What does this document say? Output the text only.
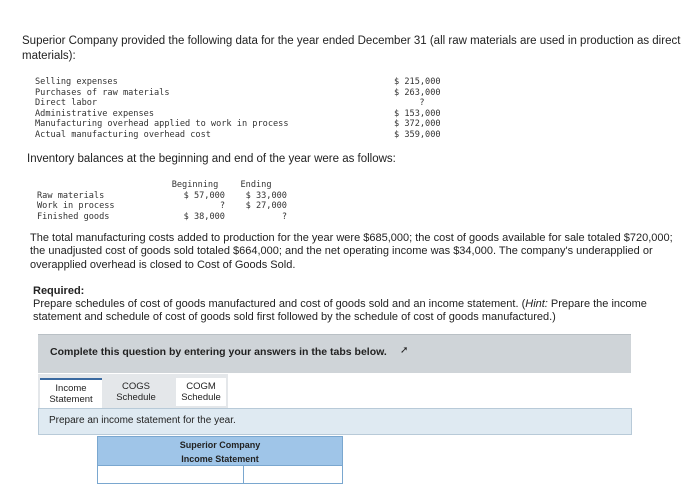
Superior Company provided the following data for the year ended December 31 (all raw materials are used in production as direct materials):
Selling expenses	$ 215,000
Purchases of raw materials	$ 263,000
Direct labor	?
Administrative expenses	$ 153,000
Manufacturing overhead applied to work in process	$ 372,000
Actual manufacturing overhead cost	$ 359,000
Inventory balances at the beginning and end of the year were as follows:
Beginning	Ending
Raw materials	$ 57,000	$ 33,000
Work in process	?	$ 27,000
Finished goods	$ 38,000	?
The total manufacturing costs added to production for the year were $685,000; the cost of goods available for sale totaled $720,000; the unadjusted cost of goods sold totaled $664,000; and the net operating income was $34,000. The company's underapplied or overapplied overhead is closed to Cost of Goods Sold.
Required:
Prepare schedules of cost of goods manufactured and cost of goods sold and an income statement. (Hint: Prepare the income statement and schedule of cost of goods sold first followed by the schedule of cost of goods manufactured.)
Complete this question by entering your answers in the tabs below. ➚
Income
Statement
COGS
Schedule
COGM
Schedule
Prepare an income statement for the year.
Superior Company
Income Statement
